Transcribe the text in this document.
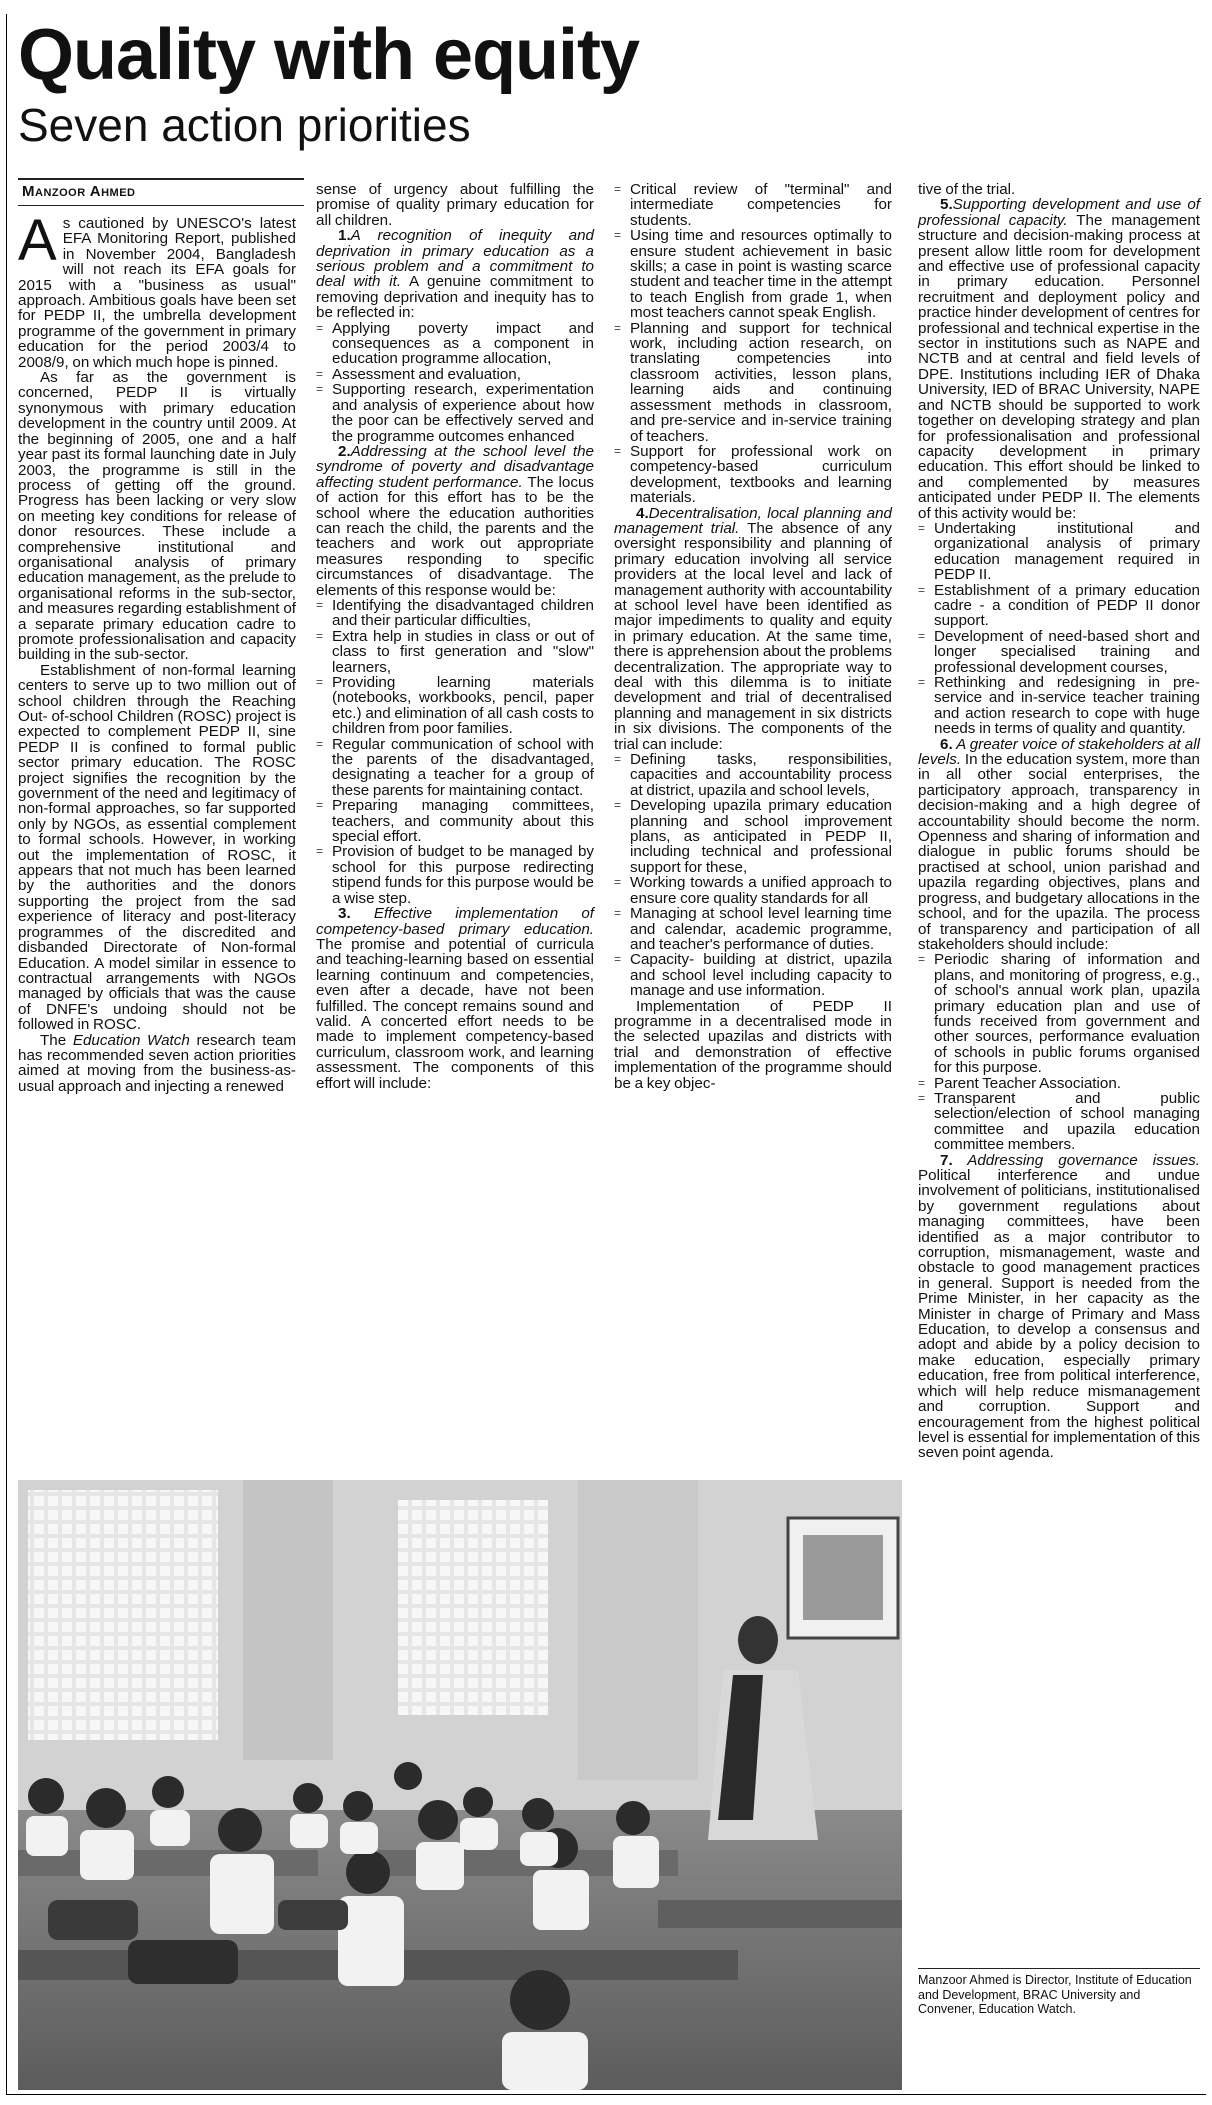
Quality with equity
Seven action priorities
Manzoor Ahmed

As cautioned by UNESCO's latest EFA Monitoring Report, published in November 2004, Bangladesh will not reach its EFA goals for 2015 with a "business as usual" approach. Ambitious goals have been set for PEDP II, the umbrella development programme of the government in primary education for the period 2003/4 to 2008/9, on which much hope is pinned.

As far as the government is concerned, PEDP II is virtually synonymous with primary education development in the country until 2009. At the beginning of 2005, one and a half year past its formal launching date in July 2003, the programme is still in the process of getting off the ground. Progress has been lacking or very slow on meeting key conditions for release of donor resources. These include a comprehensive institutional and organisational analysis of primary education management, as the prelude to organisational reforms in the sub-sector, and measures regarding establishment of a separate primary education cadre to promote professionalisation and capacity building in the sub-sector.

Establishment of non-formal learning centers to serve up to two million out of school children through the Reaching Out- of-school Children (ROSC) project is expected to complement PEDP II, sine PEDP II is confined to formal public sector primary education. The ROSC project signifies the recognition by the government of the need and legitimacy of non-formal approaches, so far supported only by NGOs, as essential complement to formal schools. However, in working out the implementation of ROSC, it appears that not much has been learned by the authorities and the donors supporting the project from the sad experience of literacy and post-literacy programmes of the discredited and disbanded Directorate of Non-formal Education. A model similar in essence to contractual arrangements with NGOs managed by officials that was the cause of DNFE's undoing should not be followed in ROSC.

The Education Watch research team has recommended seven action priorities aimed at moving from the business-as-usual approach and injecting a renewed

sense of urgency about fulfilling the promise of quality primary education for all children.

1.A recognition of inequity and deprivation in primary education as a serious problem and a commitment to deal with it. A genuine commitment to removing deprivation and inequity has to be reflected in:

= Applying poverty impact and consequences as a component in education programme allocation,
= Assessment and evaluation,
= Supporting research, experimentation and analysis of experience about how the poor can be effectively served and the programme outcomes enhanced

2.Addressing at the school level the syndrome of poverty and disadvantage affecting student performance. The locus of action for this effort has to be the school where the education authorities can reach the child, the parents and the teachers and work out appropriate measures responding to specific circumstances of disadvantage. The elements of this response would be:

= Identifying the disadvantaged children and their particular difficulties,
= Extra help in studies in class or out of class to first generation and "slow" learners,
= Providing learning materials (notebooks, workbooks, pencil, paper etc.) and elimination of all cash costs to children from poor families.
= Regular communication of school with the parents of the disadvantaged, designating a teacher for a group of these parents for maintaining contact.
= Preparing managing committees, teachers, and community about this special effort.
= Provision of budget to be managed by school for this purpose redirecting stipend funds for this purpose would be a wise step.

3. Effective implementation of competency-based primary education. The promise and potential of curricula and teaching-learning based on essential learning continuum and competencies, even after a decade, have not been fulfilled. The concept remains sound and valid. A concerted effort needs to be made to implement competency-based curriculum, classroom work, and learning assessment. The components of this effort will include:

= Critical review of "terminal" and intermediate competencies for students.
= Using time and resources optimally to ensure student achievement in basic skills; a case in point is wasting scarce student and teacher time in the attempt to teach English from grade 1, when most teachers cannot speak English.
= Planning and support for technical work, including action research, on translating competencies into classroom activities, lesson plans, learning aids and continuing assessment methods in classroom, and pre-service and in-service training of teachers.
= Support for professional work on competency-based curriculum development, textbooks and learning materials.

4.Decentralisation, local planning and management trial. The absence of any oversight responsibility and planning of primary education involving all service providers at the local level and lack of management authority with accountability at school level have been identified as major impediments to quality and equity in primary education. At the same time, there is apprehension about the problems decentralization. The appropriate way to deal with this dilemma is to initiate development and trial of decentralised planning and management in six districts in six divisions. The components of the trial can include:

= Defining tasks, responsibilities, capacities and accountability process at district, upazila and school levels,
= Developing upazila primary education planning and school improvement plans, as anticipated in PEDP II, including technical and professional support for these,
= Working towards a unified approach to ensure core quality standards for all
= Managing at school level learning time and calendar, academic programme, and teacher's performance of duties.
= Capacity- building at district, upazila and school level including capacity to manage and use information.

Implementation of PEDP II programme in a decentralised mode in the selected upazilas and districts with trial and demonstration of effective implementation of the programme should be a key objec-

tive of the trial.

5.Supporting development and use of professional capacity. The management structure and decision-making process at present allow little room for development and effective use of professional capacity in primary education. Personnel recruitment and deployment policy and practice hinder development of centres for professional and technical expertise in the sector in institutions such as NAPE and NCTB and at central and field levels of DPE. Institutions including IER of Dhaka University, IED of BRAC University, NAPE and NCTB should be supported to work together on developing strategy and plan for professionalisation and professional capacity development in primary education. This effort should be linked to and complemented by measures anticipated under PEDP II. The elements of this activity would be:

= Undertaking institutional and organizational analysis of primary education management required in PEDP II.
= Establishment of a primary education cadre - a condition of PEDP II donor support.
= Development of need-based short and longer specialised training and professional development courses,
= Rethinking and redesigning in pre-service and in-service teacher training and action research to cope with huge needs in terms of quality and quantity.

6. A greater voice of stakeholders at all levels. In the education system, more than in all other social enterprises, the participatory approach, transparency in decision-making and a high degree of accountability should become the norm. Openness and sharing of information and dialogue in public forums should be practised at school, union parishad and upazila regarding objectives, plans and progress, and budgetary allocations in the school, and for the upazila. The process of transparency and participation of all stakeholders should include:

= Periodic sharing of information and plans, and monitoring of progress, e.g., of school's annual work plan, upazila primary education plan and use of funds received from government and other sources, performance evaluation of schools in public forums organised for this purpose.
= Parent Teacher Association.
= Transparent and public selection/election of school managing committee and upazila education committee members.

7. Addressing governance issues. Political interference and undue involvement of politicians, institutionalised by government regulations about managing committees, have been identified as a major contributor to corruption, mismanagement, waste and obstacle to good management practices in general. Support is needed from the Prime Minister, in her capacity as the Minister in charge of Primary and Mass Education, to develop a consensus and adopt and abide by a policy decision to make education, especially primary education, free from political interference, which will help reduce mismanagement and corruption. Support and encouragement from the highest political level is essential for implementation of this seven point agenda.

Manzoor Ahmed is Director, Institute of Education and Development, BRAC University and Convener, Education Watch.
